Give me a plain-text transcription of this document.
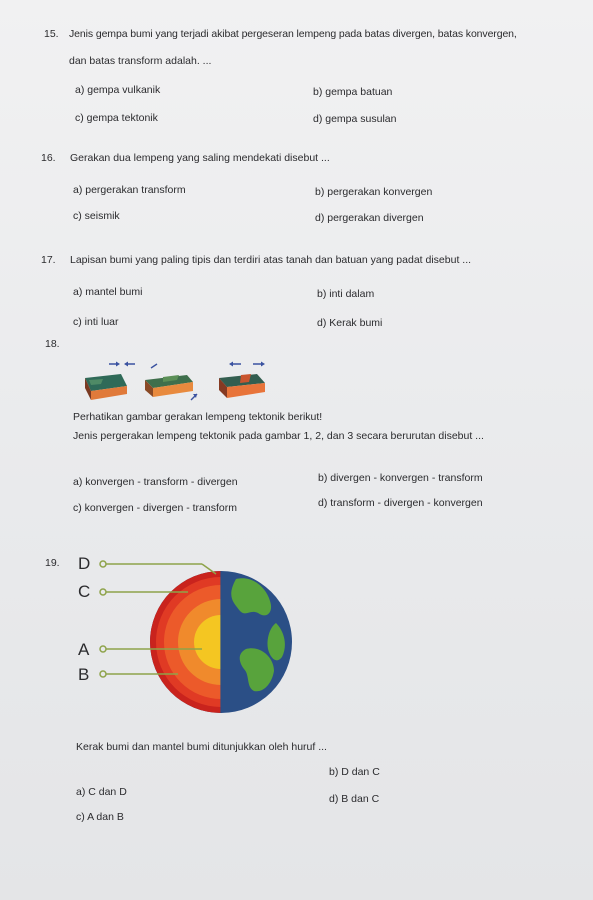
15. Jenis gempa bumi yang terjadi akibat pergeseran lempeng pada batas divergen, batas konvergen,
dan batas transform adalah. ...
a) gempa vulkanik	b) gempa batuan
c) gempa tektonik	d) gempa susulan
16. Gerakan dua lempeng yang saling mendekati disebut ...
a) pergerakan transform	b) pergerakan konvergen
c) seismik	d) pergerakan divergen
17. Lapisan bumi yang paling tipis dan terdiri atas tanah dan batuan yang padat disebut ...
a) mantel bumi	b) inti dalam
c) inti luar	d) Kerak bumi
18.
Perhatikan gambar gerakan lempeng tektonik berikut!
Jenis pergerakan lempeng tektonik pada gambar 1, 2, dan 3 secara berurutan disebut ...
a) konvergen - transform - divergen	b) divergen - konvergen - transform
c) konvergen - divergen - transform	d) transform - divergen - konvergen
19. D
C
A
B
Kerak bumi dan mantel bumi ditunjukkan oleh huruf ...
a) C dan D
b) D dan C
c) A dan B
d) B dan C
